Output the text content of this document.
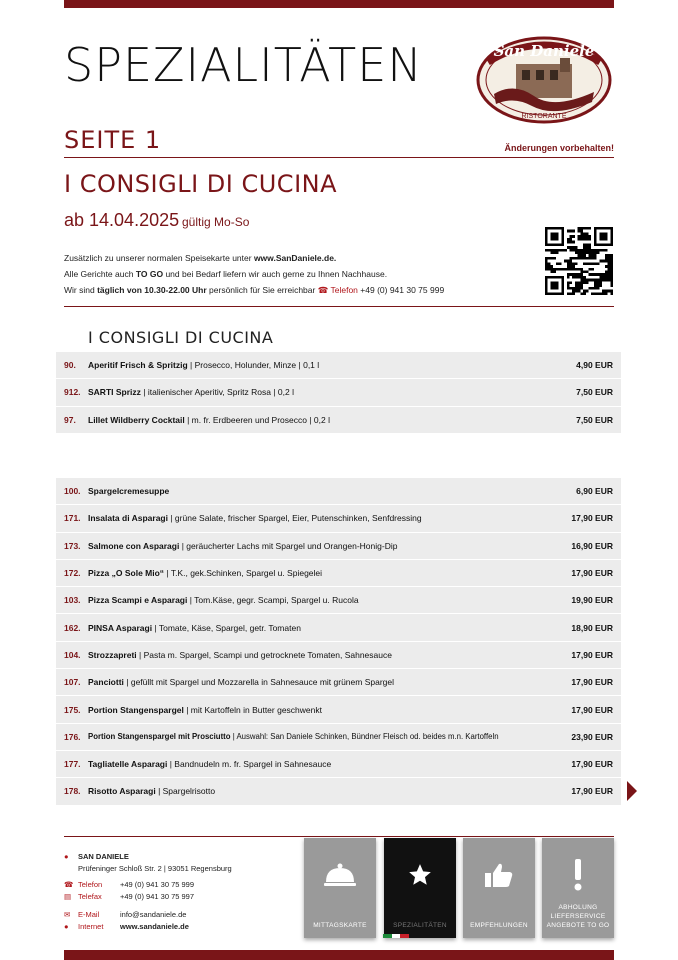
SPEZIALITÄTEN	San Daniele
RISTORANTE
SEITE 1	Änderungen vorbehalten!
I CONSIGLI DI CUCINA
ab 14.04.2025 gültig Mo-So
Zusätzlich zu unserer normalen Speisekarte unter www.SanDaniele.de.
Alle Gerichte auch TO GO und bei Bedarf liefern wir auch gerne zu Ihnen Nachhause.
Wir sind täglich von 10.30-22.00 Uhr persönlich für Sie erreichbar ☎ Telefon +49 (0) 941 30 75 999
I CONSIGLI DI CUCINA
90.	Aperitif Frisch & Spritzig | Prosecco, Holunder, Minze | 0,1 l	4,90 EUR
912. SARTI Sprizz | italienischer Aperitiv, Spritz Rosa | 0,2 l	7,50 EUR
97.	Lillet Wildberry Cocktail | m. fr. Erdbeeren und Prosecco | 0,2 l	7,50 EUR
100. Spargelcremesuppe	6,90 EUR
171. Insalata di Asparagi | grüne Salate, frischer Spargel, Eier, Putenschinken, Senfdressing	17,90 EUR
173. Salmone con Asparagi | geräucherter Lachs mit Spargel und Orangen-Honig-Dip	16,90 EUR
172. Pizza „O Sole Mio“ | T.K., gek.Schinken, Spargel u. Spiegelei	17,90 EUR
103. Pizza Scampi e Asparagi | Tom.Käse, gegr. Scampi, Spargel u. Rucola	19,90 EUR
162. PINSA Asparagi | Tomate, Käse, Spargel, getr. Tomaten	18,90 EUR
104. Strozzapreti | Pasta m. Spargel, Scampi und getrocknete Tomaten, Sahnesauce	17,90 EUR
107. Panciotti | gefüllt mit Spargel und Mozzarella in Sahnesauce mit grünem Spargel	17,90 EUR
175. Portion Stangenspargel | mit Kartoffeln in Butter geschwenkt	17,90 EUR
176. Portion Stangenspargel mit Prosciutto | Auswahl: San Daniele Schinken, Bündner Fleisch od. beides m.n. Kartoffeln	23,90 EUR
177. Tagliatelle Asparagi | Bandnudeln m. fr. Spargel in Sahnesauce	17,90 EUR
178. Risotto Asparagi | Spargelrisotto	17,90 EUR
● SAN DANIELE
Prüfeninger Schloß Str. 2 | 93051 Regensburg
☎ Telefon +49 (0) 941 30 75 999
▤ Telefax +49 (0) 941 30 75 997
✉ E-Mail	info@sandaniele.de
● Internet www.sandaniele.de	MITTAGSKARTE	SPEZIALITÄTEN	EMPFEHLUNGEN
ABHOLUNG LIEFERSERVICE ANGEBOTE TO GO
